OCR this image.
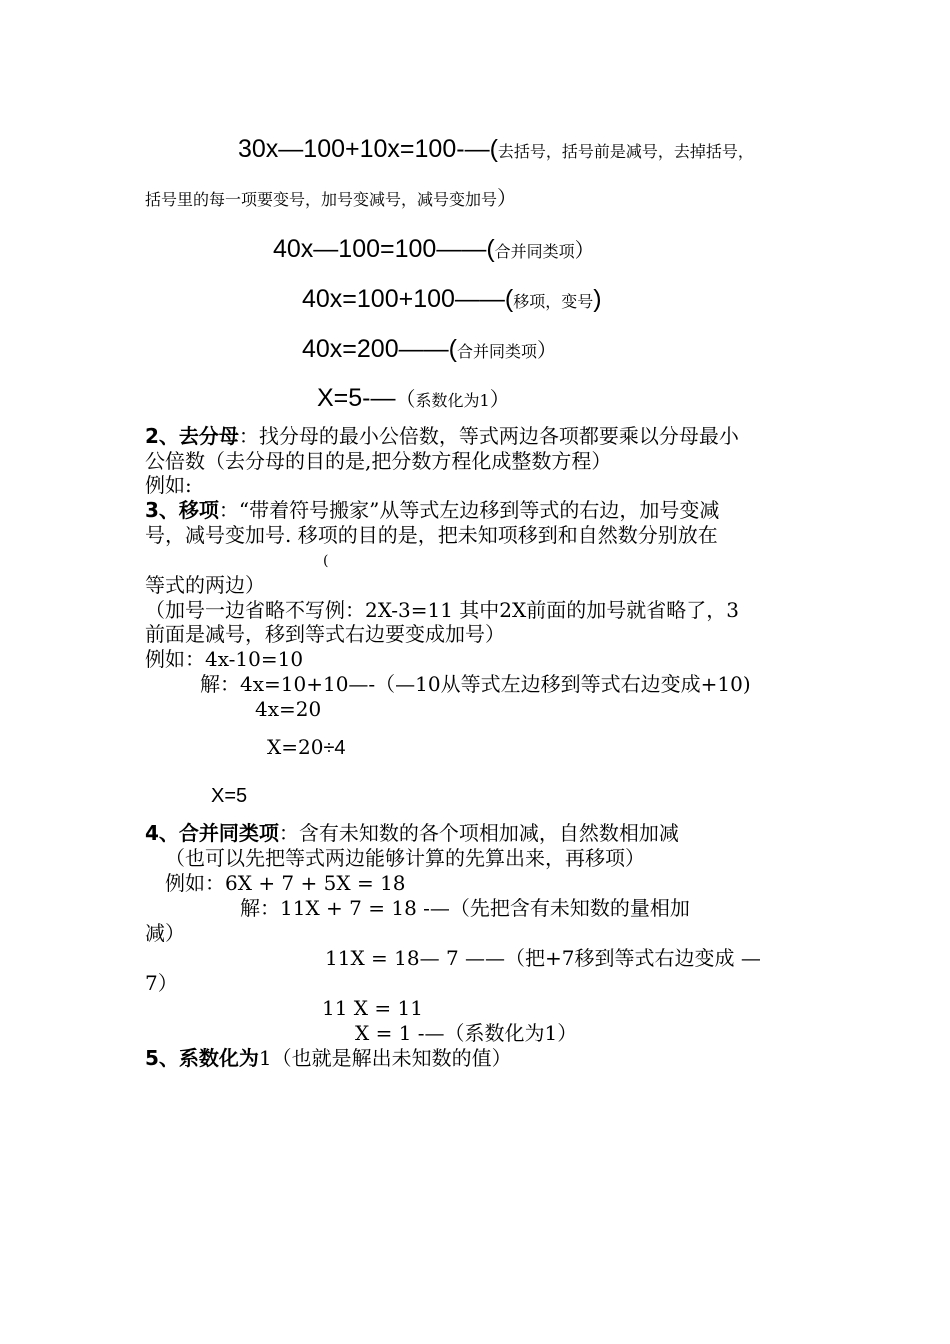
30x—100+10x=100-—(去括号，括号前是减号，去掉括号，
括号里的每一项要变号，加号变减号，减号变加号）
40x—100=100——(合并同类项）
40x=100+100——(移项，变号)
40x=200——(合并同类项）
X=5-—（系数化为1）
2、去分母：找分母的最小公倍数，等式两边各项都要乘以分母最小
公倍数（去分母的目的是,把分数方程化成整数方程）
例如:
3、移项：“带着符号搬家”从等式左边移到等式的右边，加号变减
号，减号变加号. 移项的目的是，把未知项移到和自然数分别放在
(
等式的两边）
（加号一边省略不写例：2X-3=11 其中2X前面的加号就省略了，3
前面是减号，移到等式右边要变成加号）
例如：4x-10=10
解：4x=10+10—-（—10从等式左边移到等式右边变成+10)
4x=20
X=20÷4
X=5
4、合并同类项：含有未知数的各个项相加减，自然数相加减
（也可以先把等式两边能够计算的先算出来，再移项）
例如：6X + 7 + 5X = 18
解：11X + 7 = 18 -—（先把含有未知数的量相加
减）
11X = 18— 7 ——（把+7移到等式右边变成 —
7）
11 X = 11
X = 1 -—（系数化为1）
5、系数化为1（也就是解出未知数的值）
